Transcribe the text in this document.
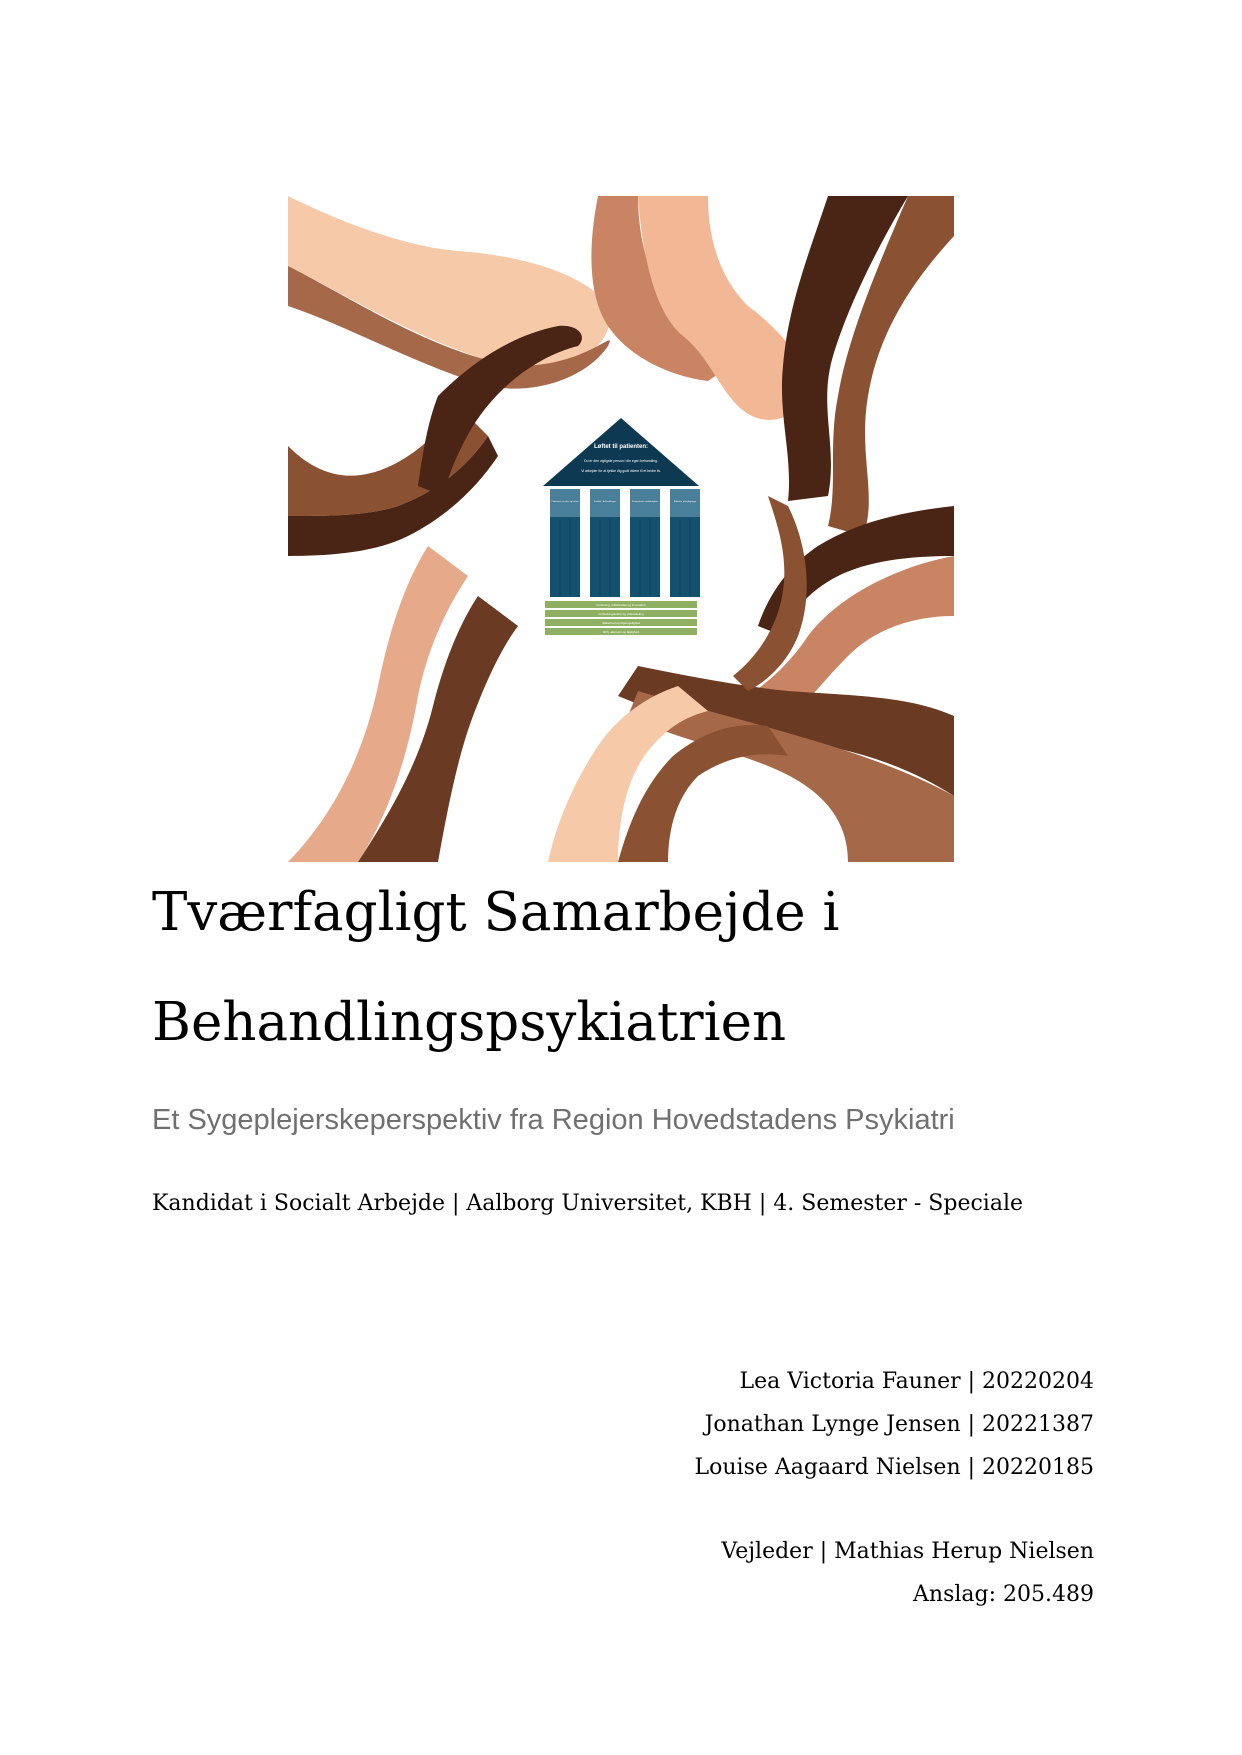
Løftet til patienten:
Du er den vigtigste person i din egen behandling.
Vi arbejder for at tjekke dig godt videre til et bedre liv.
Patientens ønsker og behov	Kvalitet i behandlingen	Kompetente medarbejdere	Effektive arbejdsgange
Forskning, uddannelse og innovation
Forbedringskultur og vidensdeling
Sikkerhed og tilgængelighed
Drift, økonomi og faglighed
Tværfagligt Samarbejde i
Behandlingspsykiatrien
Et Sygeplejerskeperspektiv fra Region Hovedstadens Psykiatri
Kandidat i Socialt Arbejde | Aalborg Universitet, KBH | 4. Semester - Speciale
Lea Victoria Fauner | 20220204
Jonathan Lynge Jensen | 20221387
Louise Aagaard Nielsen | 20220185
Vejleder | Mathias Herup Nielsen
Anslag: 205.489
